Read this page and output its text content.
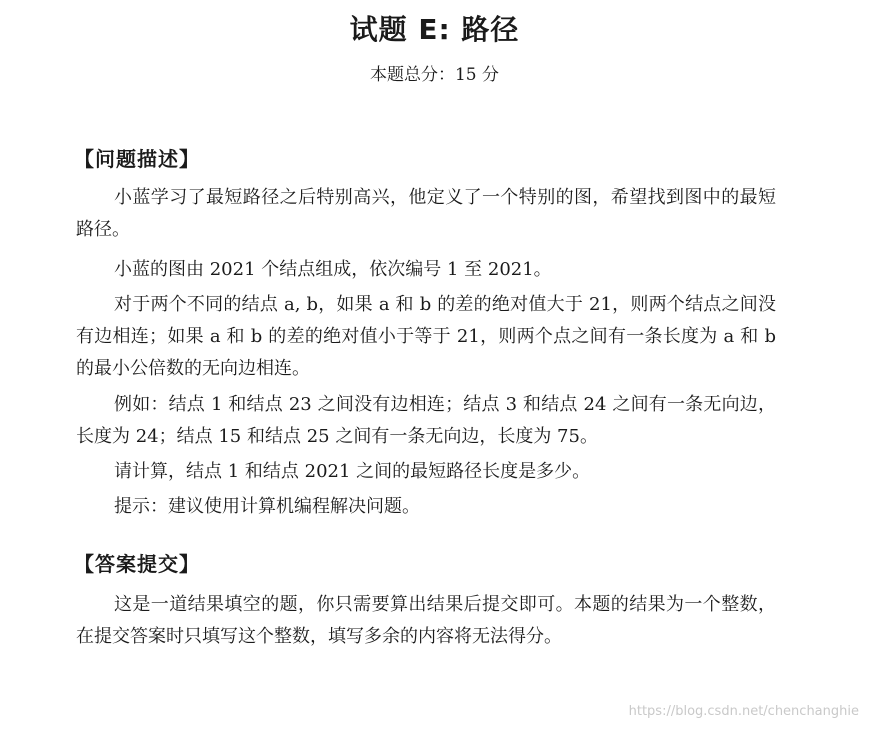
试题 E: 路径
本题总分：15 分
【问题描述】
小蓝学习了最短路径之后特别高兴，他定义了一个特别的图，希望找到图中的最短路径。
小蓝的图由 2021 个结点组成，依次编号 1 至 2021。
对于两个不同的结点 a, b，如果 a 和 b 的差的绝对值大于 21，则两个结点之间没有边相连；如果 a 和 b 的差的绝对值小于等于 21，则两个点之间有一条长度为 a 和 b 的最小公倍数的无向边相连。
例如：结点 1 和结点 23 之间没有边相连；结点 3 和结点 24 之间有一条无向边，长度为 24；结点 15 和结点 25 之间有一条无向边，长度为 75。
请计算，结点 1 和结点 2021 之间的最短路径长度是多少。
提示：建议使用计算机编程解决问题。
【答案提交】
这是一道结果填空的题，你只需要算出结果后提交即可。本题的结果为一个整数，在提交答案时只填写这个整数，填写多余的内容将无法得分。
https://blog.csdn.net/chenchanghie
